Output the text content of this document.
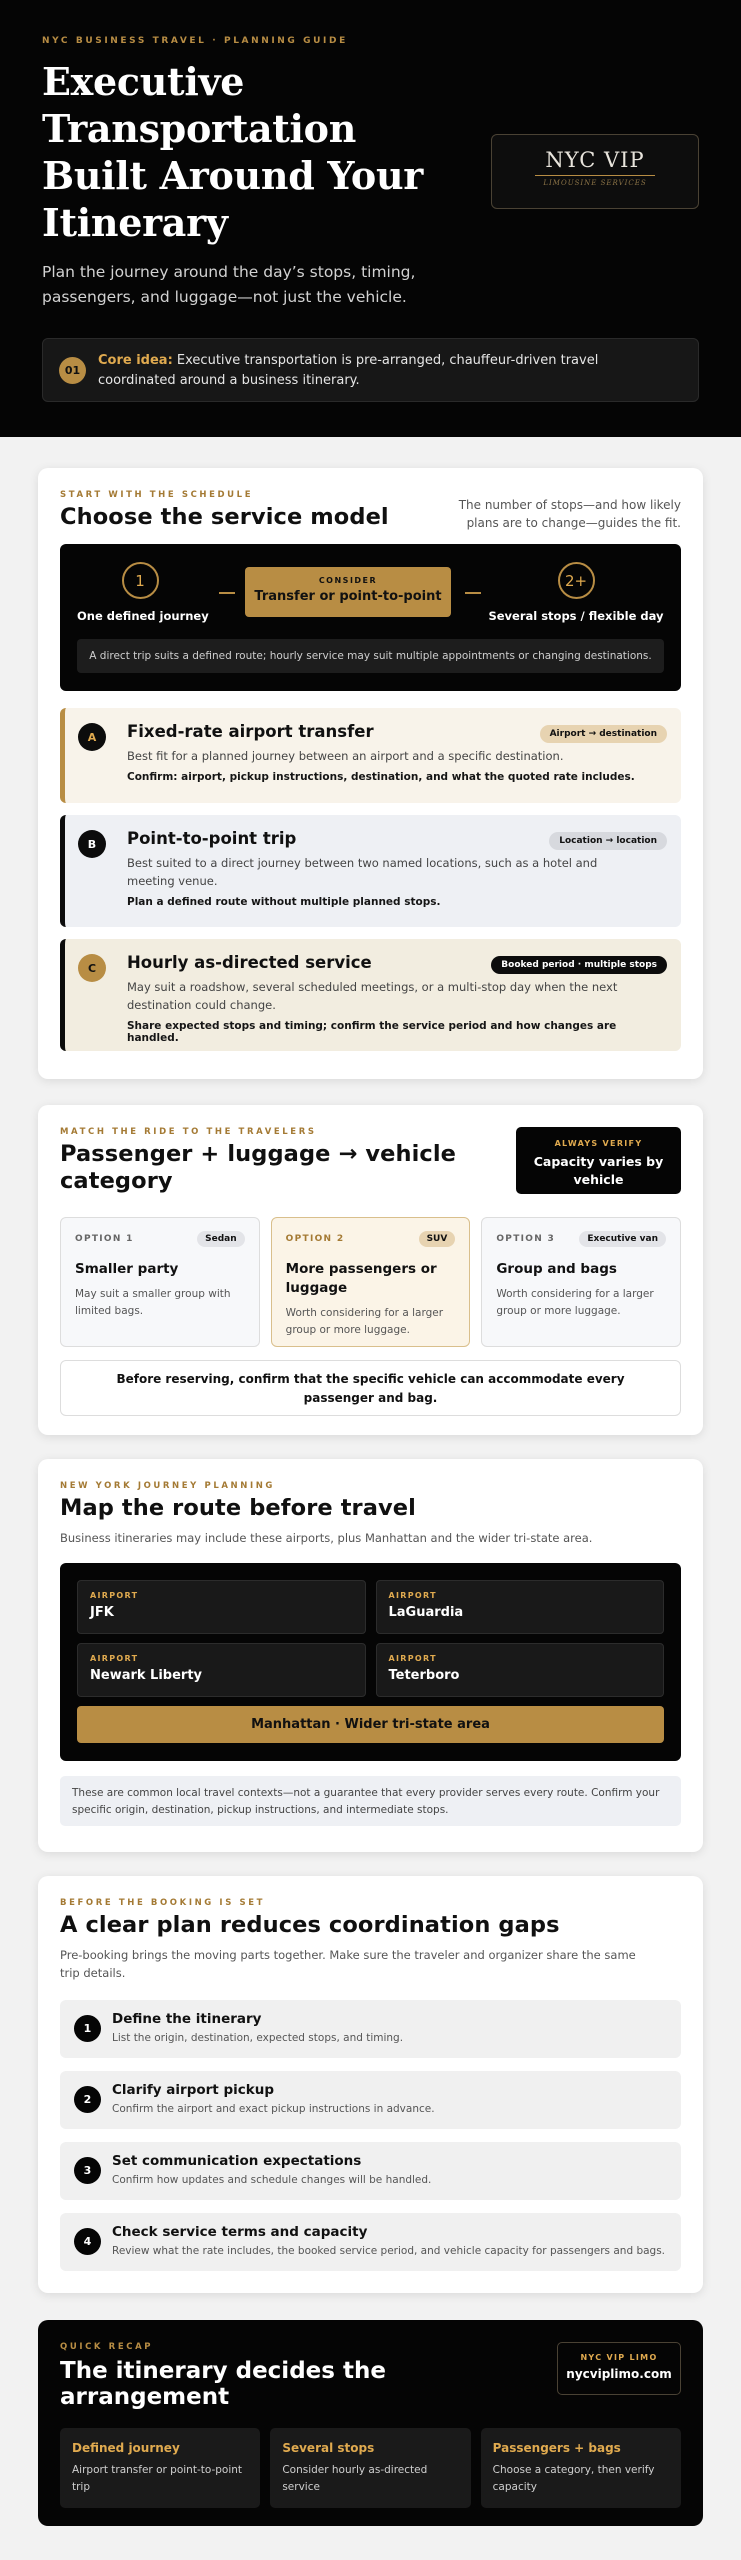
NYC BUSINESS TRAVEL · PLANNING GUIDE
Executive Transportation Built Around Your Itinerary

Plan the journey around the day’s stops, timing, passengers, and luggage—not just the vehicle.

NYC VIP
LIMOUSINE SERVICES
01
Core idea: Executive transportation is pre-arranged, chauffeur-driven travel coordinated around a business itinerary.
START WITH THE SCHEDULE
Choose the service model	The number of stops—and how likely plans are to change—guides the fit.
1
One defined journey
CONSIDER
Transfer or point-to-point
2+
Several stops / flexible day
A direct trip suits a defined route; hourly service may suit multiple appointments or changing destinations.
A	Airport → destination
Fixed-rate airport transfer
Best fit for a planned journey between an airport and a specific destination.
Confirm: airport, pickup instructions, destination, and what the quoted rate includes.
B	Location → location
Point-to-point trip
Best suited to a direct journey between two named locations, such as a hotel and meeting venue.
Plan a defined route without multiple planned stops.
C	Booked period · multiple stops
Hourly as-directed service
May suit a roadshow, several scheduled meetings, or a multi-stop day when the next destination could change.
Share expected stops and timing; confirm the service period and how changes are handled.
MATCH THE RIDE TO THE TRAVELERS
Passenger + luggage → vehicle category
ALWAYS VERIFY
Capacity varies by vehicle
OPTION 1	Sedan
Smaller party
May suit a smaller group with limited bags.
OPTION 2	SUV
More passengers or luggage
Worth considering for a larger group or more luggage.
OPTION 3	Executive van
Group and bags
Worth considering for a larger group or more luggage.
Before reserving, confirm that the specific vehicle can accommodate every passenger and bag.
NEW YORK JOURNEY PLANNING
Map the route before travel
Business itineraries may include these airports, plus Manhattan and the wider tri-state area.
AIRPORT
JFK
AIRPORT
LaGuardia
AIRPORT
Newark Liberty
AIRPORT
Teterboro
Manhattan · Wider tri-state area
These are common local travel contexts—not a guarantee that every provider serves every route. Confirm your specific origin, destination, pickup instructions, and intermediate stops.
BEFORE THE BOOKING IS SET
A clear plan reduces coordination gaps
Pre-booking brings the moving parts together. Make sure the traveler and organizer share the same trip details.
1
Define the itinerary
List the origin, destination, expected stops, and timing.
2
Clarify airport pickup
Confirm the airport and exact pickup instructions in advance.
3
Set communication expectations
Confirm how updates and schedule changes will be handled.
4
Check service terms and capacity
Review what the rate includes, the booked service period, and vehicle capacity for passengers and bags.
QUICK RECAP
The itinerary decides the arrangement
NYC VIP LIMO
nycviplimo.com
Defined journey
Airport transfer or point-to-point trip
Several stops
Consider hourly as-directed service
Passengers + bags
Choose a category, then verify capacity
